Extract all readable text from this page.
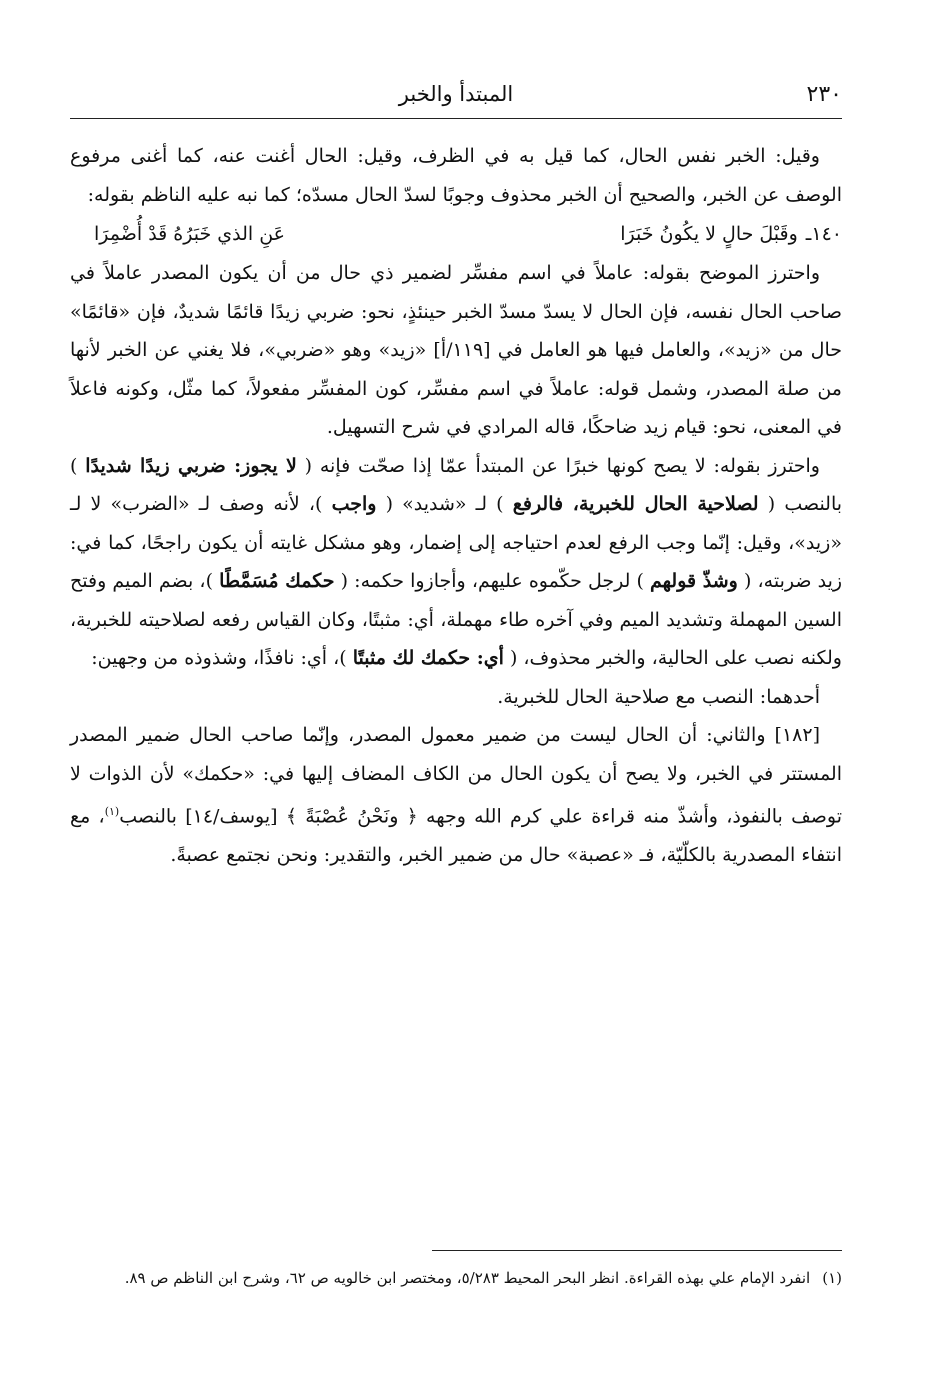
٢٣٠
المبتدأ والخبر

وقيل: الخبر نفس الحال، كما قيل به في الظرف، وقيل: الحال أغنت عنه، كما أغنى مرفوع الوصف عن الخبر، والصحيح أن الخبر محذوف وجوبًا لسدّ الحال مسدّه؛ كما نبه عليه الناظم بقوله:

١٤٠ـوقَبْلَ حالٍ لا يكُونُ خَبَرَا
عَنِ الذي خَبَرُهُ قَدْ أُضْمِرَا

واحترز الموضح بقوله: عاملاً في اسم مفسِّر لضمير ذي حال من أن يكون المصدر عاملاً في صاحب الحال نفسه، فإن الحال لا يسدّ مسدّ الخبر حينئذٍ، نحو: ضربي زيدًا قائمًا شديدٌ، فإن «قائمًا» حال من «زيد»، والعامل فيها هو العامل في [١١٩/أ] «زيد» وهو «ضربي»، فلا يغني عن الخبر لأنها من صلة المصدر، وشمل قوله: عاملاً في اسم مفسِّر، كون المفسِّر مفعولاً، كما مثّل، وكونه فاعلاً في المعنى، نحو: قيام زيد ضاحكًا، قاله المرادي في شرح التسهيل.

واحترز بقوله: لا يصح كونها خبرًا عن المبتدأ عمّا إذا صحّت فإنه ( لا يجوز: ضربي زيدًا شديدًا ) بالنصب ( لصلاحية الحال للخبرية، فالرفع ) لـ «شديد» ( واجب )، لأنه وصف لـ «الضرب» لا لـ «زيد»، وقيل: إنّما وجب الرفع لعدم احتياجه إلى إضمار، وهو مشكل غايته أن يكون راجحًا، كما في: زيد ضربته، ( وشذّ قولهم ) لرجل حكّموه عليهم، وأجازوا حكمه: ( حكمك مُسَمَّطًا )، بضم الميم وفتح السين المهملة وتشديد الميم وفي آخره طاء مهملة، أي: مثبتًا، وكان القياس رفعه لصلاحيته للخبرية، ولكنه نصب على الحالية، والخبر محذوف، ( أي: حكمك لك مثبتًا )، أي: نافذًا، وشذوذه من وجهين:

أحدهما: النصب مع صلاحية الحال للخبرية.

[١٨٢] والثاني: أن الحال ليست من ضمير معمول المصدر، وإنّما صاحب الحال ضمير المصدر المستتر في الخبر، ولا يصح أن يكون الحال من الكاف المضاف إليها في: «حكمك» لأن الذوات لا توصف بالنفوذ، وأشذّ منه قراءة علي كرم الله وجهه ﴿ ونَحْنُ عُصْبَةً ﴾ [يوسف/١٤] بالنصب$^{(١)}$، مع انتفاء المصدرية بالكلّيّة، فـ «عصبة» حال من ضمير الخبر، والتقدير: ونحن نجتمع عصبةً.

(١)انفرد الإمام علي بهذه القراءة. انظر البحر المحيط ٥/٢٨٣، ومختصر ابن خالويه ص ٦٢، وشرح ابن الناظم ص ٨٩.
